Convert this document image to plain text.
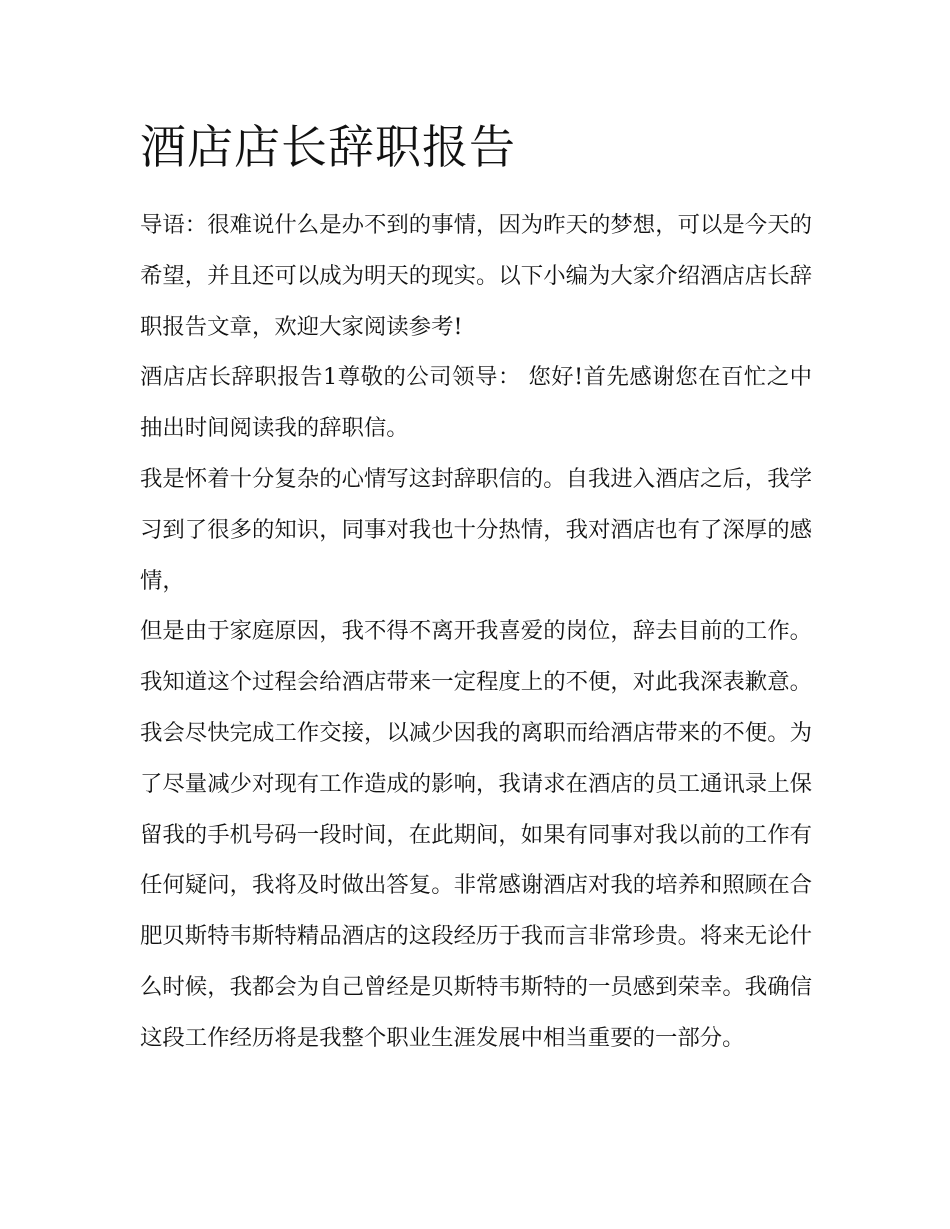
酒店店长辞职报告

导语：很难说什么是办不到的事情，因为昨天的梦想，可以是今天的希望，并且还可以成为明天的现实。以下小编为大家介绍酒店店长辞职报告文章，欢迎大家阅读参考!

酒店店长辞职报告1尊敬的公司领导： 您好!首先感谢您在百忙之中抽出时间阅读我的辞职信。

我是怀着十分复杂的心情写这封辞职信的。自我进入酒店之后，我学习到了很多的知识，同事对我也十分热情，我对酒店也有了深厚的感情，

但是由于家庭原因，我不得不离开我喜爱的岗位，辞去目前的工作。我知道这个过程会给酒店带来一定程度上的不便，对此我深表歉意。我会尽快完成工作交接，以减少因我的离职而给酒店带来的不便。为了尽量减少对现有工作造成的影响，我请求在酒店的员工通讯录上保留我的手机号码一段时间，在此期间，如果有同事对我以前的工作有任何疑问，我将及时做出答复。非常感谢酒店对我的培养和照顾在合肥贝斯特韦斯特精品酒店的这段经历于我而言非常珍贵。将来无论什么时候，我都会为自己曾经是贝斯特韦斯特的一员感到荣幸。我确信这段工作经历将是我整个职业生涯发展中相当重要的一部分。
